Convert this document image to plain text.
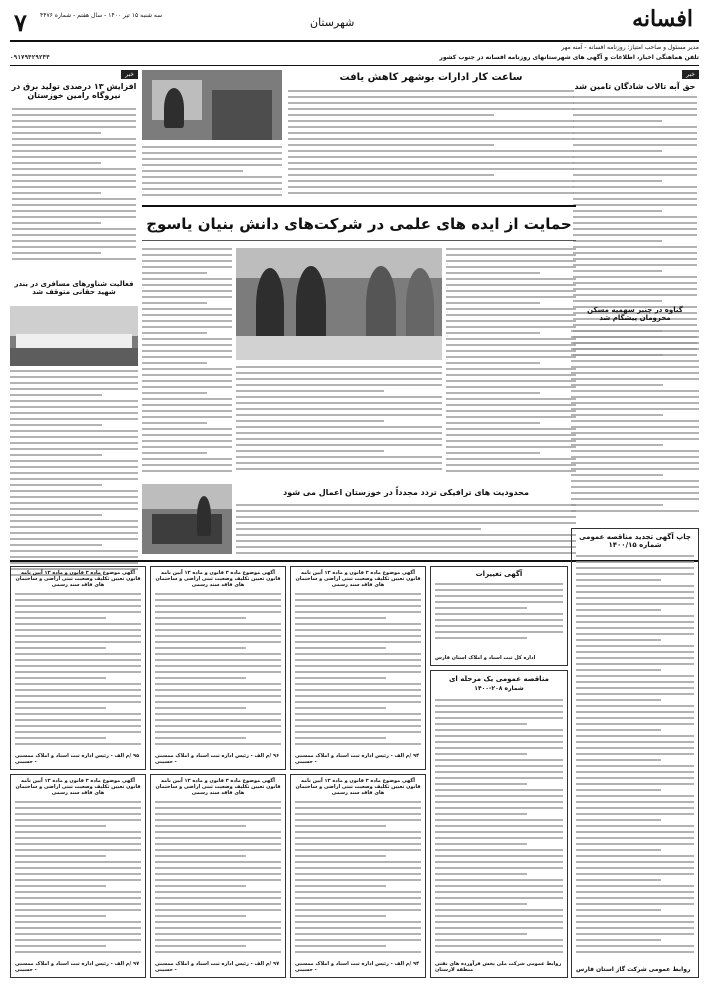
۷ سه شنبه ۱۵ تیر ۱۴۰۰ - سال هفتم - شماره ۴۴۷۶
شهرستان	افسانه
مدیر مسئول و صاحب امتیاز: روزنامه افسانه - آمنه مهر
تلفن هماهنگی اخبار، اطلاعات و آگهی های شهرستانهای روزنامه افسانه در جنوب کشور
۰۹۱۷۹۴۲۹۲۴۴
خبر
حق آبه تالاب شادگان تامین شد
خبر
افزایش ۱۳ درصدی تولید برق در نیروگاه رامین خوزستان
ساعت کار ادارات بوشهر کاهش یافت
حمایت از ایده های علمی در شرکت‌های دانش بنیان یاسوج
فعالیت شناورهای مسافری در بندر شهید حقانی متوقف شد
گناوه در چنبر سهمیه مسکن محرومان پیشگام شد
محدودیت های ترافیکی تردد مجدداً در خوزستان اعمال می شود
چاپ آگهی تجدید مناقصه عمومی شماره ۱۴۰۰/۱۵
روابط عمومی شرکت گاز استان فارس
آگهی تغییرات
اداره کل ثبت اسناد و املاک استان فارس
مناقصه عمومی یک مرحله ای
شماره ۲۰۸-۱۴۰۰
روابط عمومی شرکت ملی پخش فرآورده های نفتی منطقه لارستان
آگهی موضوع ماده ۳ قانون و ماده ۱۳ آیین نامه قانون تعیین تکلیف وضعیت ثبتی اراضی و ساختمان های فاقد سند رسمی
۹۴ /م الف - رئیس اداره ثبت اسناد و املاک ممسنی - حسینی
آگهی موضوع ماده ۳ قانون و ماده ۱۳ آیین نامه قانون تعیین تکلیف وضعیت ثبتی اراضی و ساختمان های فاقد سند رسمی
۹۶ /م الف - رئیس اداره ثبت اسناد و املاک ممسنی - حسینی
آگهی موضوع ماده ۳ قانون و ماده ۱۳ آیین نامه قانون تعیین تکلیف وضعیت ثبتی اراضی و ساختمان های فاقد سند رسمی
۹۵ /م الف - رئیس اداره ثبت اسناد و املاک ممسنی - حسینی
آگهی موضوع ماده ۳ قانون و ماده ۱۳ آیین نامه قانون تعیین تکلیف وضعیت ثبتی اراضی و ساختمان های فاقد سند رسمی
۹۴ /م الف - رئیس اداره ثبت اسناد و املاک ممسنی - حسینی
آگهی موضوع ماده ۳ قانون و ماده ۱۳ آیین نامه قانون تعیین تکلیف وضعیت ثبتی اراضی و ساختمان های فاقد سند رسمی
۹۷ /م الف - رئیس اداره ثبت اسناد و املاک ممسنی - حسینی
آگهی موضوع ماده ۳ قانون و ماده ۱۳ آیین نامه قانون تعیین تکلیف وضعیت ثبتی اراضی و ساختمان های فاقد سند رسمی
۹۷ /م الف - رئیس اداره ثبت اسناد و املاک ممسنی - حسینی
